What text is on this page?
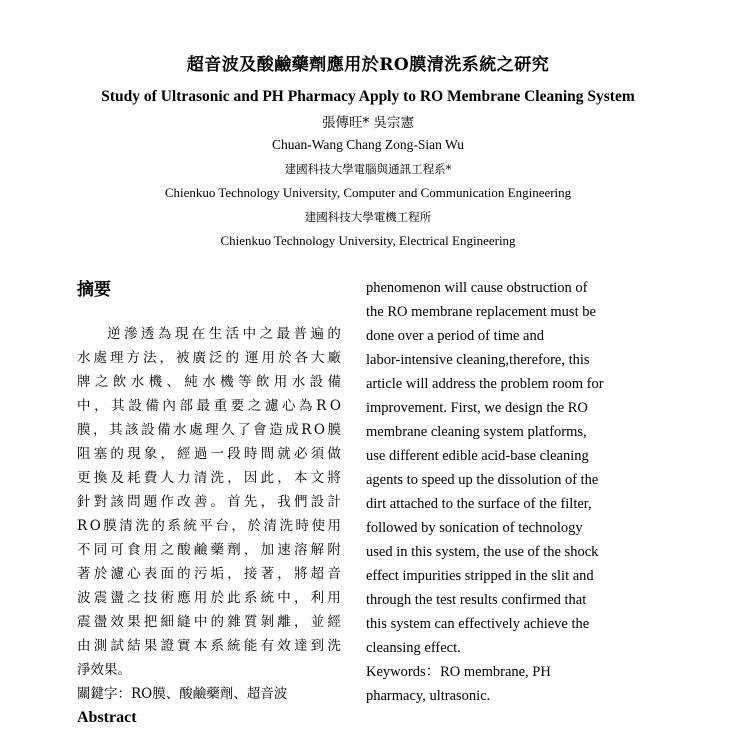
超音波及酸鹼藥劑應用於RO膜清洗系統之研究
Study of Ultrasonic and PH Pharmacy Apply to RO Membrane Cleaning System
張傳旺* 吳宗憲
Chuan-Wang Chang Zong-Sian Wu
建國科技大學電腦與通訊工程系*
Chienkuo Technology University, Computer and Communication Engineering
建國科技大學電機工程所
Chienkuo Technology University, Electrical Engineering
摘要
逆 滲 透 為 現 在 生 活 中 之 最 普 遍 的
水 處 理 方 法 ， 被 廣 泛 的 運 用 於 各 大 廠
牌 之 飲 水 機 、 純 水 機 等 飲 用 水 設 備
中 ， 其 設 備 內 部 最 重 要 之 濾 心 為 R O
膜 ， 其 該 設 備 水 處 理 久 了 會 造 成 R O 膜
阻 塞 的 現 象 ， 經 過 一 段 時 間 就 必 須 做
更 換 及 耗 費 人 力 清 洗 ， 因 此 ， 本 文 將
針 對 該 問 題 作 改 善 。 首 先 ， 我 們 設 計
R O 膜 清 洗 的 系 統 平 台 ， 於 清 洗 時 使 用
不 同 可 食 用 之 酸 鹼 藥 劑 ， 加 速 溶 解 附
著 於 濾 心 表 面 的 污 垢 ， 接 著 ， 將 超 音
波 震 盪 之 技 術 應 用 於 此 系 統 中 ， 利 用
震 盪 效 果 把 細 縫 中 的 雜 質 剝 離 ， 並 經
由 測 試 結 果 證 實 本 系 統 能 有 效 達 到 洗
淨效果。
關鍵字：RO膜、酸鹼藥劑、超音波
Abstract
phenomenon will cause obstruction of
the RO membrane replacement must be
done over a period of time and
labor-intensive cleaning,therefore, this
article will address the problem room for
improvement. First, we design the RO
membrane cleaning system platforms,
use different edible acid-base cleaning
agents to speed up the dissolution of the
dirt attached to the surface of the filter,
followed by sonication of technology
used in this system, the use of the shock
effect impurities stripped in the slit and
through the test results confirmed that
this system can effectively achieve the
cleansing effect.
Keywords：RO membrane, PH
pharmacy, ultrasonic.
